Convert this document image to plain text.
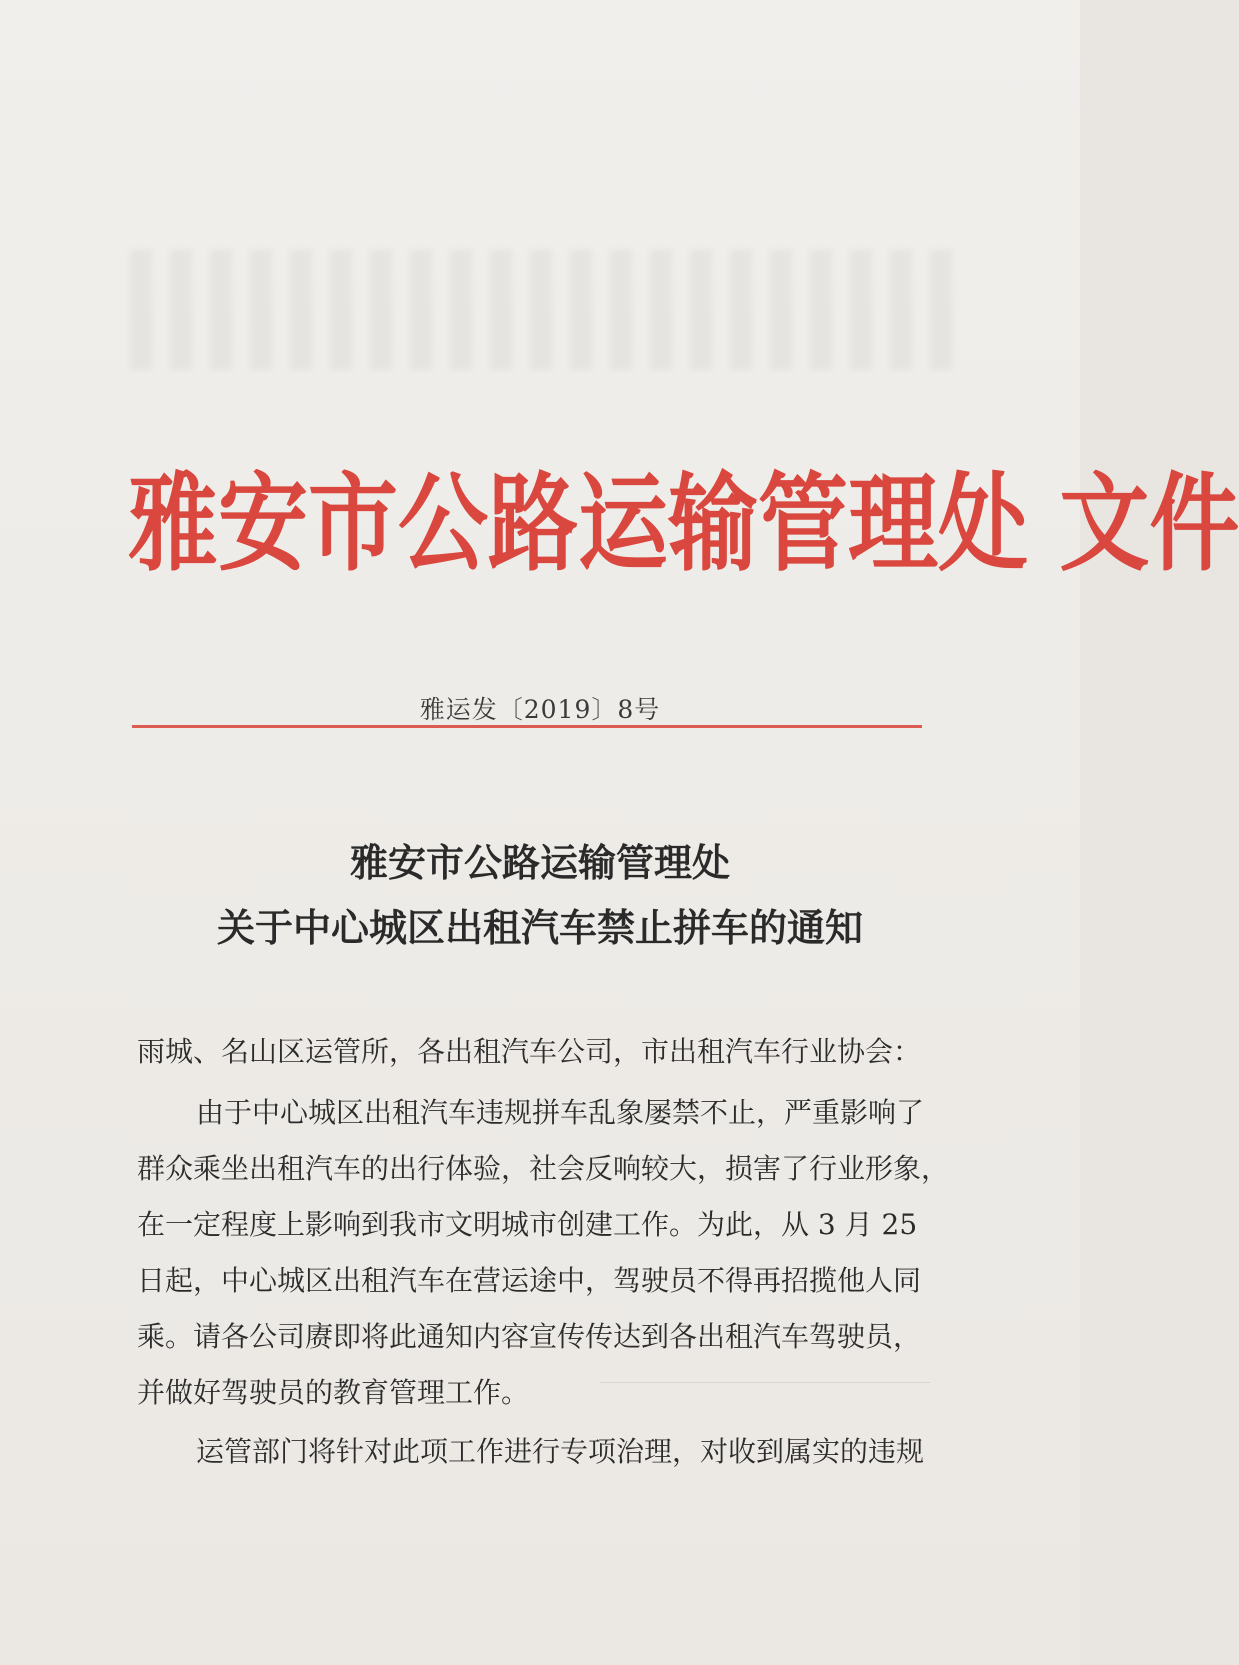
雅安市公路运输管理处 文件
雅运发〔2019〕8号
雅安市公路运输管理处
关于中心城区出租汽车禁止拼车的通知
雨城、名山区运管所，各出租汽车公司，市出租汽车行业协会：
由于中心城区出租汽车违规拼车乱象屡禁不止，严重影响了
群众乘坐出租汽车的出行体验，社会反响较大，损害了行业形象，
在一定程度上影响到我市文明城市创建工作。为此，从 3 月 25
日起，中心城区出租汽车在营运途中，驾驶员不得再招揽他人同
乘。请各公司赓即将此通知内容宣传传达到各出租汽车驾驶员，
并做好驾驶员的教育管理工作。
运管部门将针对此项工作进行专项治理，对收到属实的违规
